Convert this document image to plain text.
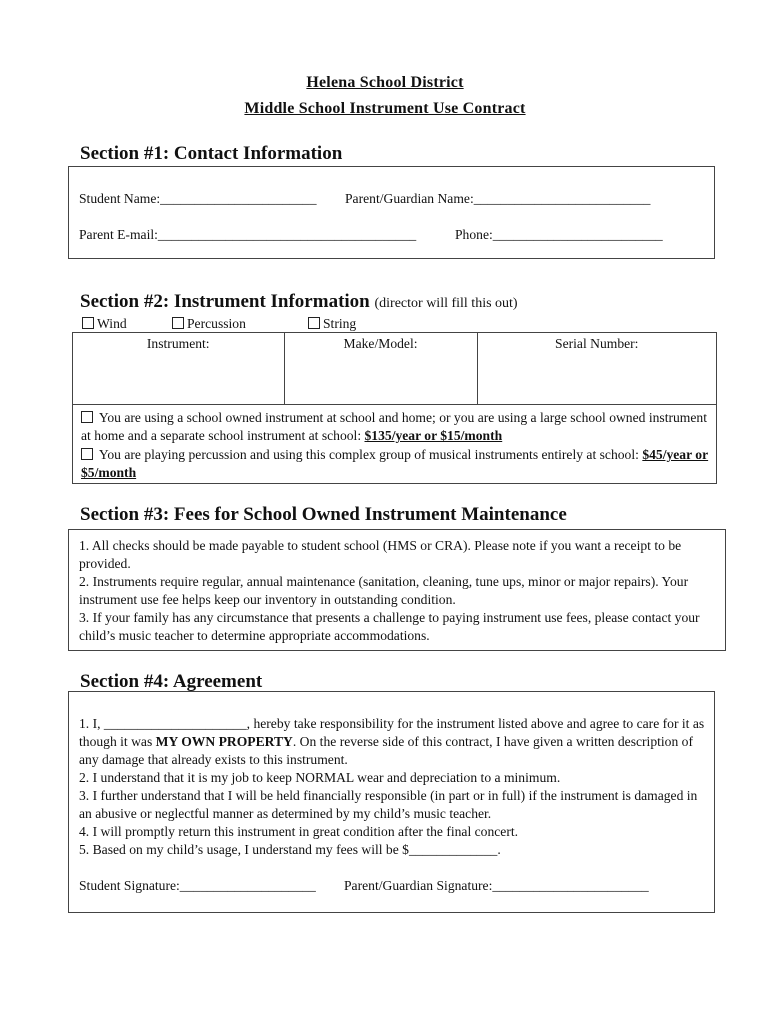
Helena School District
Middle School Instrument Use Contract
Section #1: Contact Information
Student Name:_______________________ Parent/Guardian Name:__________________________
Parent E-mail:______________________________________	Phone:_________________________
Section #2: Instrument Information (director will fill this out)
Wind	Percussion	String
Instrument:	Make/Model:	Serial Number:
You are using a school owned instrument at school and home; or you are using a large school owned instrument at home and a separate school instrument at school: $135/year or $15/month
You are playing percussion and using this complex group of musical instruments entirely at school: $45/year or $5/month
Section #3: Fees for School Owned Instrument Maintenance
1. All checks should be made payable to student school (HMS or CRA). Please note if you want a receipt to be provided.
2. Instruments require regular, annual maintenance (sanitation, cleaning, tune ups, minor or major repairs). Your instrument use fee helps keep our inventory in outstanding condition.
3. If your family has any circumstance that presents a challenge to paying instrument use fees, please contact your child’s music teacher to determine appropriate accommodations.
Section #4: Agreement
1. I, _____________________, hereby take responsibility for the instrument listed above and agree to care for it as though it was MY OWN PROPERTY. On the reverse side of this contract, I have given a written description of any damage that already exists to this instrument.
2. I understand that it is my job to keep NORMAL wear and depreciation to a minimum.
3. I further understand that I will be held financially responsible (in part or in full) if the instrument is damaged in an abusive or neglectful manner as determined by my child’s music teacher.
4. I will promptly return this instrument in great condition after the final concert.
5. Based on my child’s usage, I understand my fees will be $_____________.
Student Signature:____________________ Parent/Guardian Signature:_______________________
